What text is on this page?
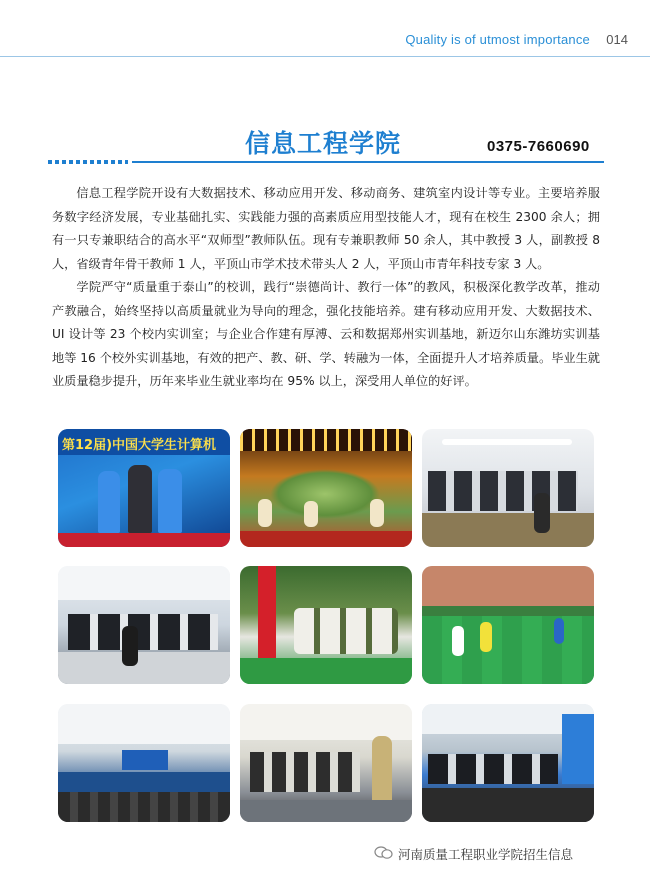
Quality is of utmost importance 014
信息工程学院	0375-7660690

信息工程学院开设有大数据技术、移动应用开发、移动商务、建筑室内设计等专业。主要培养服务数字经济发展，专业基础扎实、实践能力强的高素质应用型技能人才，现有在校生 2300 余人；拥有一只专兼职结合的高水平“双师型”教师队伍。现有专兼职教师 50 余人，其中教授 3 人，副教授 8 人，省级青年骨干教师 1 人，平顶山市学术技术带头人 2 人，平顶山市青年科技专家 3 人。

学院严守“质量重于泰山”的校训，践行“崇德尚计、教行一体”的教风，积极深化教学改革，推动产教融合，始终坚持以高质量就业为导向的理念，强化技能培养。建有移动应用开发、大数据技术、UI 设计等 23 个校内实训室；与企业合作建有厚溥、云和数据郑州实训基地，新迈尔山东潍坊实训基地等 16 个校外实训基地，有效的把产、教、研、学、转融为一体，全面提升人才培养质量。毕业生就业质量稳步提升，历年来毕业生就业率均在 95% 以上，深受用人单位的好评。

第12届)中国大学生计算机
河南质量工程职业学院招生信息
